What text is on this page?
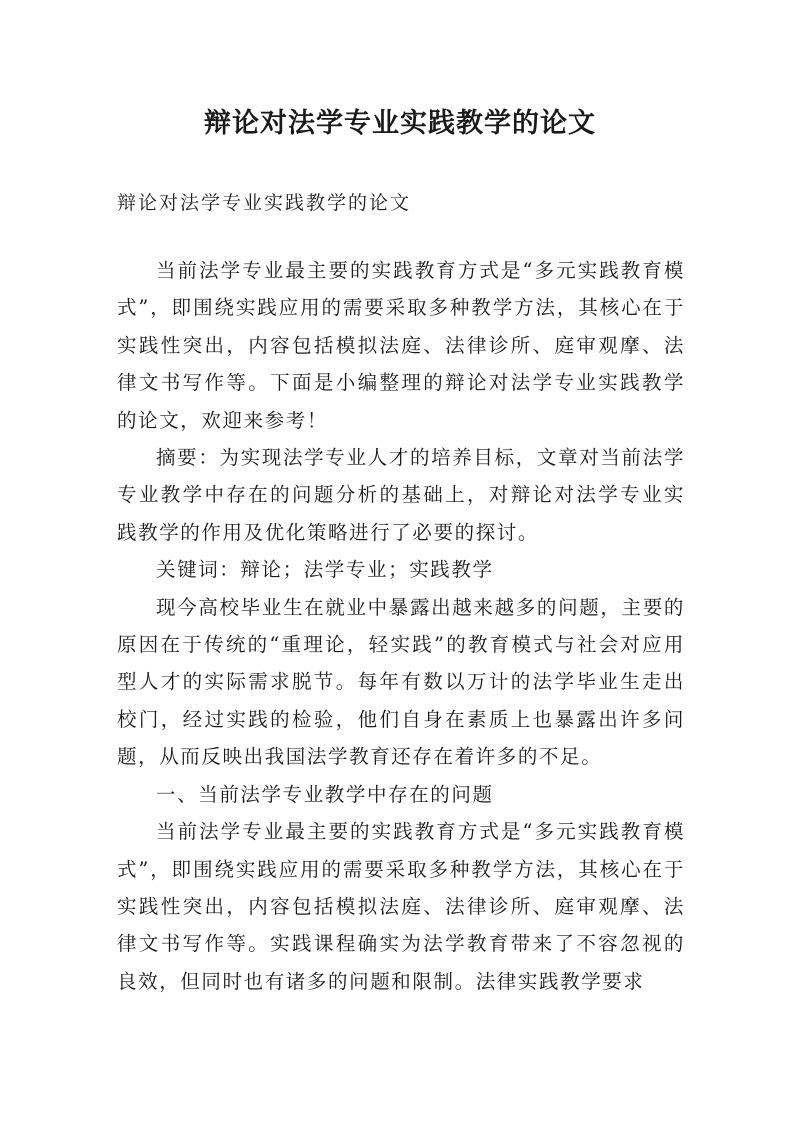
辩论对法学专业实践教学的论文

辩论对法学专业实践教学的论文

当前法学专业最主要的实践教育方式是“多元实践教育模式”，即围绕实践应用的需要采取多种教学方法，其核心在于实践性突出，内容包括模拟法庭、法律诊所、庭审观摩、法律文书写作等。下面是小编整理的辩论对法学专业实践教学的论文，欢迎来参考！

摘要：为实现法学专业人才的培养目标，文章对当前法学专业教学中存在的问题分析的基础上，对辩论对法学专业实践教学的作用及优化策略进行了必要的探讨。

关键词：辩论；法学专业；实践教学

现今高校毕业生在就业中暴露出越来越多的问题，主要的原因在于传统的“重理论，轻实践”的教育模式与社会对应用型人才的实际需求脱节。每年有数以万计的法学毕业生走出校门，经过实践的检验，他们自身在素质上也暴露出许多问题，从而反映出我国法学教育还存在着许多的不足。

一、当前法学专业教学中存在的问题

当前法学专业最主要的实践教育方式是“多元实践教育模式”，即围绕实践应用的需要采取多种教学方法，其核心在于实践性突出，内容包括模拟法庭、法律诊所、庭审观摩、法律文书写作等。实践课程确实为法学教育带来了不容忽视的良效，但同时也有诸多的问题和限制。法律实践教学要求
